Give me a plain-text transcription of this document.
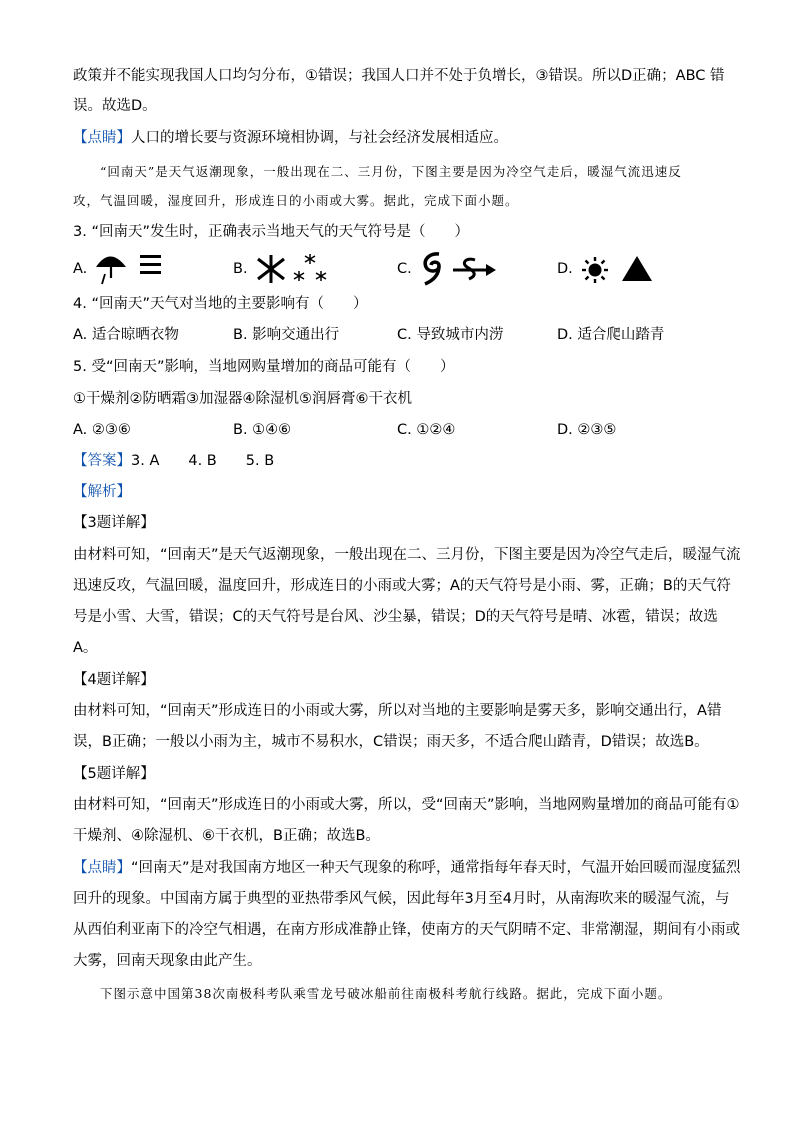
政策并不能实现我国人口均匀分布，①错误；我国人口并不处于负增长，③错误。所以D正确；ABC 错
误。故选D。
【点睛】人口的增长要与资源环境相协调，与社会经济发展相适应。
“回南天”是天气返潮现象，一般出现在二、三月份，下图主要是因为冷空气走后，暖湿气流迅速反
攻，气温回暖，湿度回升，形成连日的小雨或大雾。据此，完成下面小题。
3. “回南天”发生时，正确表示当地天气的天气符号是（　　）
A.	B.	C.	D.
4. “回南天”天气对当地的主要影响有（　　）
A. 适合晾晒衣物	B. 影响交通出行	C. 导致城市内涝	D. 适合爬山踏青
5. 受“回南天”影响，当地网购量增加的商品可能有（　　）
①干燥剂②防晒霜③加湿器④除湿机⑤润唇膏⑥干衣机
A. ②③⑥	B. ①④⑥	C. ①②④	D. ②③⑤
【答案】3. A　　4. B　　5. B
【解析】
【3题详解】
由材料可知，“回南天”是天气返潮现象，一般出现在二、三月份，下图主要是因为冷空气走后，暖湿气流
迅速反攻，气温回暖，温度回升，形成连日的小雨或大雾；A的天气符号是小雨、雾，正确；B的天气符
号是小雪、大雪，错误；C的天气符号是台风、沙尘暴，错误；D的天气符号是晴、冰雹，错误；故选
A。
【4题详解】
由材料可知，“回南天”形成连日的小雨或大雾，所以对当地的主要影响是雾天多，影响交通出行，A错
误，B正确；一般以小雨为主，城市不易积水，C错误；雨天多，不适合爬山踏青，D错误；故选B。
【5题详解】
由材料可知，“回南天”形成连日的小雨或大雾，所以，受“回南天”影响，当地网购量增加的商品可能有①
干燥剂、④除湿机、⑥干衣机，B正确；故选B。
【点睛】“回南天”是对我国南方地区一种天气现象的称呼，通常指每年春天时，气温开始回暖而湿度猛烈
回升的现象。中国南方属于典型的亚热带季风气候，因此每年3月至4月时，从南海吹来的暖湿气流，与
从西伯利亚南下的冷空气相遇，在南方形成准静止锋，使南方的天气阴晴不定、非常潮湿，期间有小雨或
大雾，回南天现象由此产生。
下图示意中国第38次南极科考队乘雪龙号破冰船前往南极科考航行线路。据此，完成下面小题。
